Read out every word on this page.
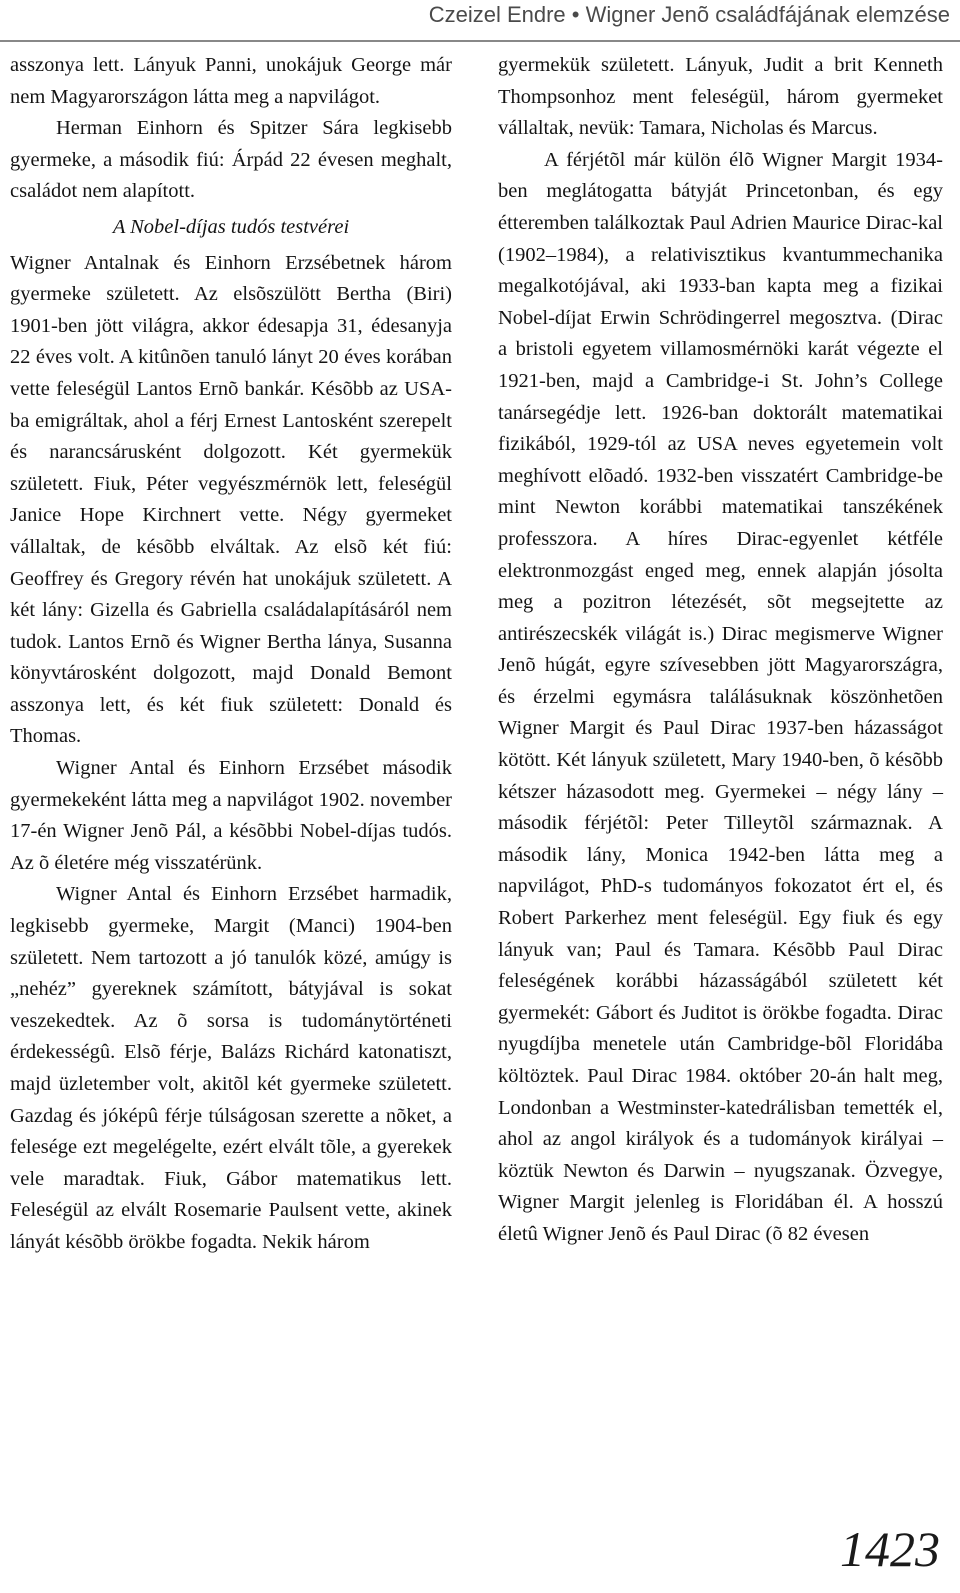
Czeizel Endre • Wigner Jenõ családfájának elemzése

asszonya lett. Lányuk Panni, unokájuk George már nem Magyarországon látta meg a napvilágot.

Herman Einhorn és Spitzer Sára legkisebb gyermeke, a második fiú: Árpád 22 évesen meghalt, családot nem alapított.

A Nobel-díjas tudós testvérei

Wigner Antalnak és Einhorn Erzsébetnek három gyermeke született. Az elsõszülött Bertha (Biri) 1901-ben jött világra, akkor édesapja 31, édesanyja 22 éves volt. A kitûnõen tanuló lányt 20 éves korában vette feleségül Lantos Ernõ bankár. Késõbb az USA-ba emigráltak, ahol a férj Ernest Lantosként szerepelt és narancsárusként dolgozott. Két gyermekük született. Fiuk, Péter vegyészmérnök lett, feleségül Janice Hope Kirchnert vette. Négy gyermeket vállaltak, de késõbb elváltak. Az elsõ két fiú: Geoffrey és Gregory révén hat unokájuk született. A két lány: Gizella és Gabriella családalapításáról nem tudok. Lantos Ernõ és Wigner Bertha lánya, Susanna könyvtárosként dolgozott, majd Donald Bemont asszonya lett, és két fiuk született: Donald és Thomas.

Wigner Antal és Einhorn Erzsébet második gyermekeként látta meg a napvilágot 1902. november 17-én Wigner Jenõ Pál, a késõbbi Nobel-díjas tudós. Az õ életére még visszatérünk.

Wigner Antal és Einhorn Erzsébet harmadik, legkisebb gyermeke, Margit (Manci) 1904-ben született. Nem tartozott a jó tanulók közé, amúgy is „nehéz” gyereknek számított, bátyjával is sokat veszekedtek. Az õ sorsa is tudománytörténeti érdekességû. Elsõ férje, Balázs Richárd katonatiszt, majd üzletember volt, akitõl két gyermeke született. Gazdag és jóképû férje túlságosan szerette a nõket, a felesége ezt megelégelte, ezért elvált tõle, a gyerekek vele maradtak. Fiuk, Gábor matematikus lett. Feleségül az elvált Rosemarie Paulsent vette, akinek lányát késõbb örökbe fogadta. Nekik három

gyermekük született. Lányuk, Judit a brit Kenneth Thompsonhoz ment feleségül, három gyermeket vállaltak, nevük: Tamara, Nicholas és Marcus.

A férjétõl már külön élõ Wigner Margit 1934-ben meglátogatta bátyját Princetonban, és egy étteremben találkoztak Paul Adrien Maurice Dirac-kal (1902–1984), a relativisztikus kvantummechanika megalkotójával, aki 1933-ban kapta meg a fizikai Nobel-díjat Erwin Schrödingerrel megosztva. (Dirac a bristoli egyetem villamosmérnöki karát végezte el 1921-ben, majd a Cambridge-i St. John’s College tanársegédje lett. 1926-ban doktorált matematikai fizikából, 1929-tól az USA neves egyetemein volt meghívott elõadó. 1932-ben visszatért Cambridge-be mint Newton korábbi matematikai tanszékének professzora. A híres Dirac-egyenlet kétféle elektronmozgást enged meg, ennek alapján jósolta meg a pozitron létezését, sõt megsejtette az antirészecskék világát is.) Dirac megismerve Wigner Jenõ húgát, egyre szívesebben jött Magyarországra, és érzelmi egymásra találásuknak köszönhetõen Wigner Margit és Paul Dirac 1937-ben házasságot kötött. Két lányuk született, Mary 1940-ben, õ késõbb kétszer házasodott meg. Gyermekei – négy lány – második férjétõl: Peter Tilleytõl származnak. A második lány, Monica 1942-ben látta meg a napvilágot, PhD-s tudományos fokozatot ért el, és Robert Parkerhez ment feleségül. Egy fiuk és egy lányuk van; Paul és Tamara. Késõbb Paul Dirac feleségének korábbi házasságából született két gyermekét: Gábort és Juditot is örökbe fogadta. Dirac nyugdíjba menetele után Cambridge-bõl Floridába költöztek. Paul Dirac 1984. október 20-án halt meg, Londonban a Westminster-katedrálisban temették el, ahol az angol királyok és a tudományok királyai – köztük Newton és Darwin – nyugszanak. Özvegye, Wigner Margit jelenleg is Floridában él. A hosszú életû Wigner Jenõ és Paul Dirac (õ 82 évesen

1423
